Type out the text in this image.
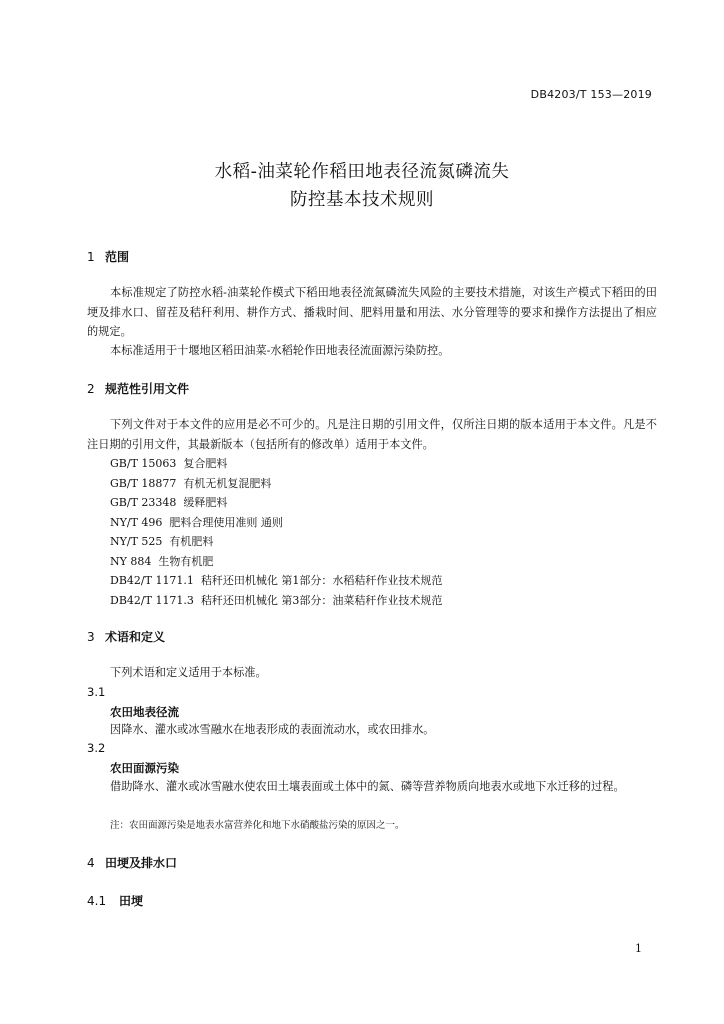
DB4203/T 153—2019
水稻-油菜轮作稻田地表径流氮磷流失
防控基本技术规则
1 范围
本标准规定了防控水稻-油菜轮作模式下稻田地表径流氮磷流失风险的主要技术措施，对该生产模式下稻田的田埂及排水口、留茬及秸秆利用、耕作方式、播栽时间、肥料用量和用法、水分管理等的要求和操作方法提出了相应的规定。
本标准适用于十堰地区稻田油菜-水稻轮作田地表径流面源污染防控。
2 规范性引用文件
下列文件对于本文件的应用是必不可少的。凡是注日期的引用文件，仅所注日期的版本适用于本文件。凡是不注日期的引用文件，其最新版本（包括所有的修改单）适用于本文件。
GB/T 15063  复合肥料
GB/T 18877  有机无机复混肥料
GB/T 23348  缓释肥料
NY/T 496  肥料合理使用准则 通则
NY/T 525  有机肥料
NY 884  生物有机肥
DB42/T 1171.1  秸秆还田机械化 第1部分：水稻秸秆作业技术规范
DB42/T 1171.3  秸秆还田机械化 第3部分：油菜秸秆作业技术规范
3 术语和定义
下列术语和定义适用于本标准。
3.1
农田地表径流
因降水、灌水或冰雪融水在地表形成的表面流动水，或农田排水。
3.2
农田面源污染
借助降水、灌水或冰雪融水使农田土壤表面或土体中的氮、磷等营养物质向地表水或地下水迁移的过程。
注：农田面源污染是地表水富营养化和地下水硝酸盐污染的原因之一。
4 田埂及排水口
4.1 田埂
1
